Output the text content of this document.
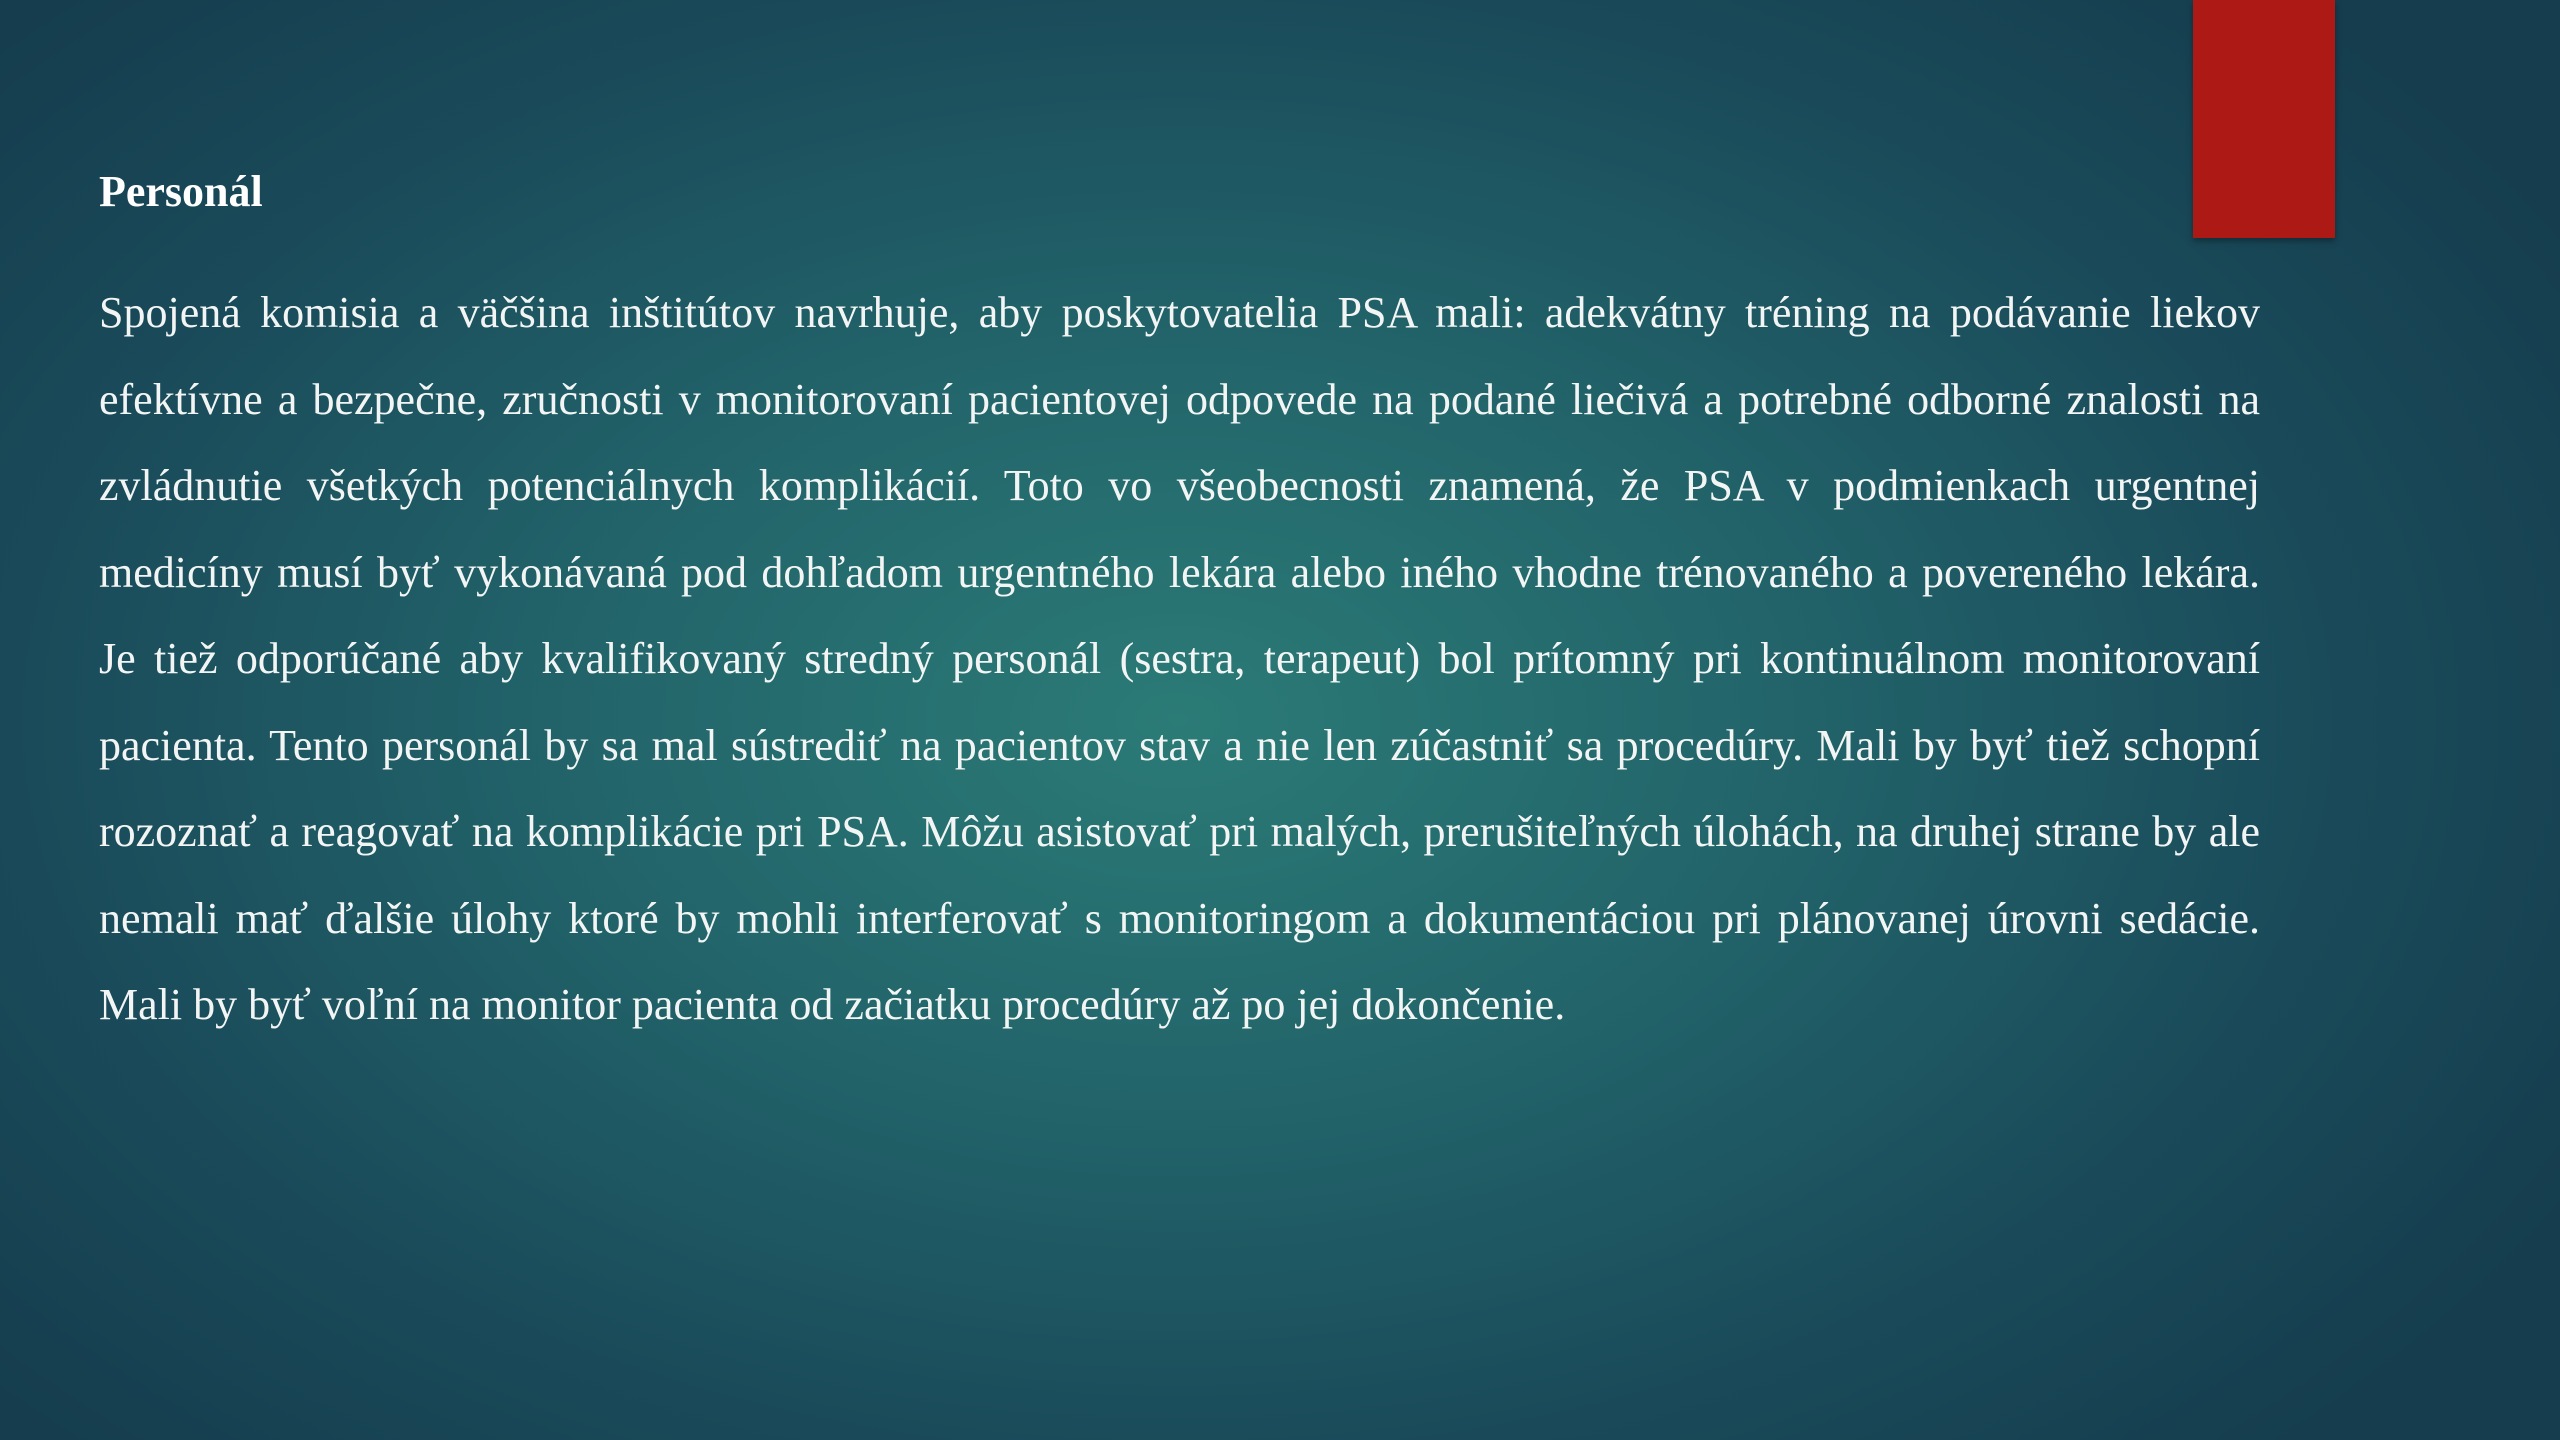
Personál

Spojená komisia a väčšina inštitútov navrhuje, aby poskytovatelia PSA mali: adekvátny tréning na podávanie liekov efektívne a bezpečne, zručnosti v monitorovaní pacientovej odpovede na podané liečivá a potrebné odborné znalosti na zvládnutie všetkých potenciálnych komplikácií. Toto vo všeobecnosti znamená, že PSA v podmienkach urgentnej medicíny musí byť vykonávaná pod dohľadom urgentného lekára alebo iného vhodne trénovaného a povereného lekára. Je tiež odporúčané aby kvalifikovaný stredný personál (sestra, terapeut) bol prítomný pri kontinuálnom monitorovaní pacienta. Tento personál by sa mal sústrediť na pacientov stav a nie len zúčastniť sa procedúry. Mali by byť tiež schopní rozoznať a reagovať na komplikácie pri PSA. Môžu asistovať pri malých, prerušiteľných úlohách, na druhej strane by ale nemali mať ďalšie úlohy ktoré by mohli interferovať s monitoringom a dokumentáciou pri plánovanej úrovni sedácie. Mali by byť voľní na monitor pacienta od začiatku procedúry až po jej dokončenie.
